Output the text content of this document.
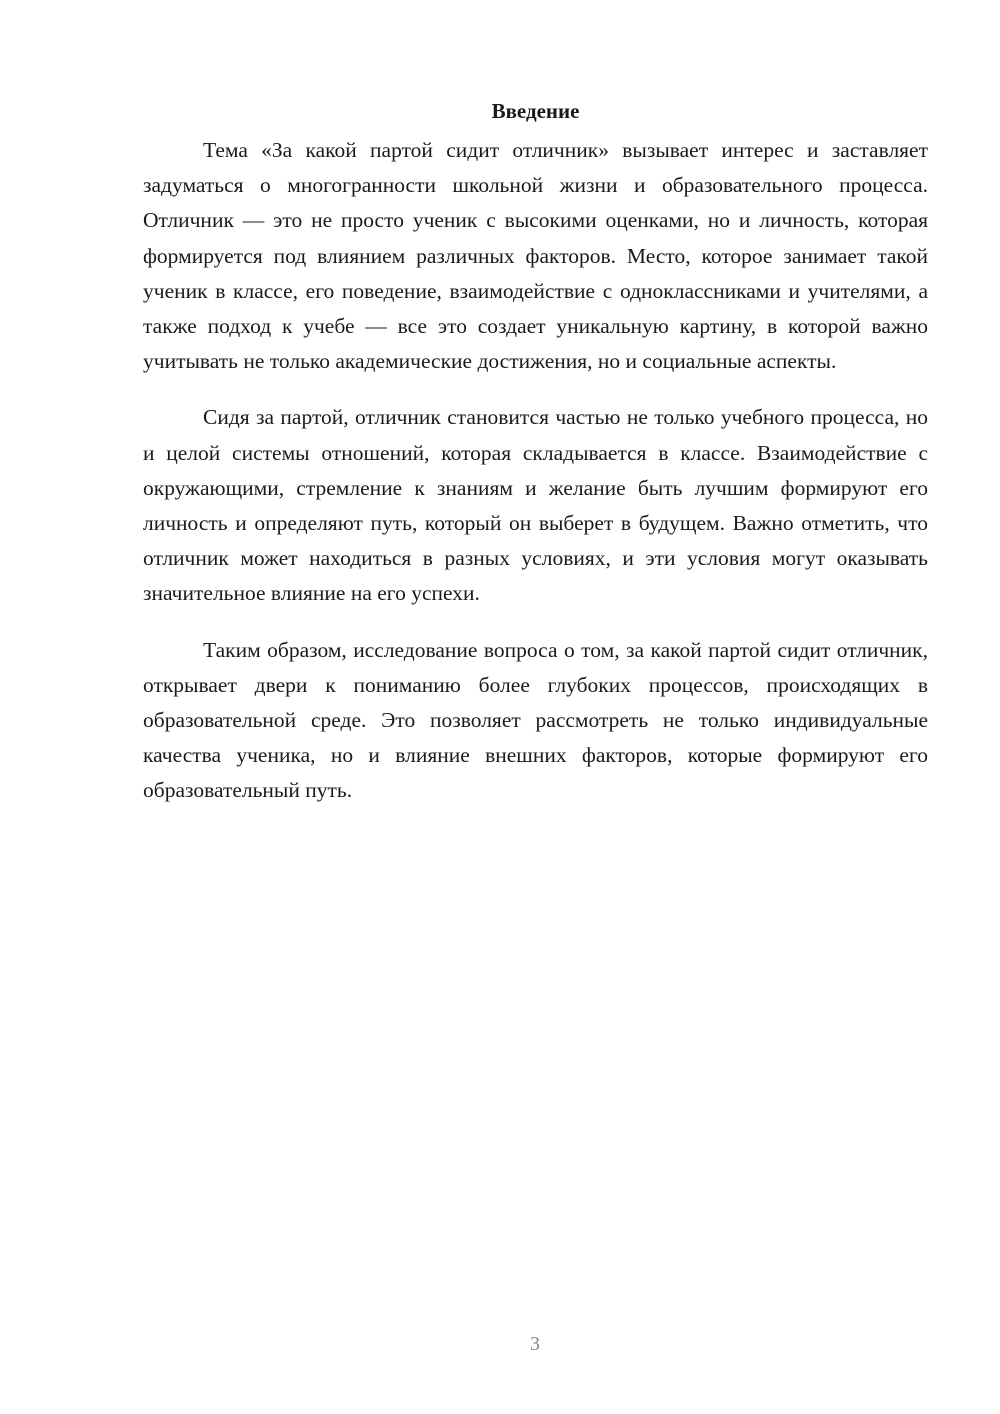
Введение

Тема «За какой партой сидит отличник» вызывает интерес и заставляет задуматься о многогранности школьной жизни и образовательного процесса. Отличник — это не просто ученик с высокими оценками, но и личность, которая формируется под влиянием различных факторов. Место, которое занимает такой ученик в классе, его поведение, взаимодействие с одноклассниками и учителями, а также подход к учебе — все это создает уникальную картину, в которой важно учитывать не только академические достижения, но и социальные аспекты.

Сидя за партой, отличник становится частью не только учебного процесса, но и целой системы отношений, которая складывается в классе. Взаимодействие с окружающими, стремление к знаниям и желание быть лучшим формируют его личность и определяют путь, который он выберет в будущем. Важно отметить, что отличник может находиться в разных условиях, и эти условия могут оказывать значительное влияние на его успехи.

Таким образом, исследование вопроса о том, за какой партой сидит отличник, открывает двери к пониманию более глубоких процессов, происходящих в образовательной среде. Это позволяет рассмотреть не только индивидуальные качества ученика, но и влияние внешних факторов, которые формируют его образовательный путь.

3
